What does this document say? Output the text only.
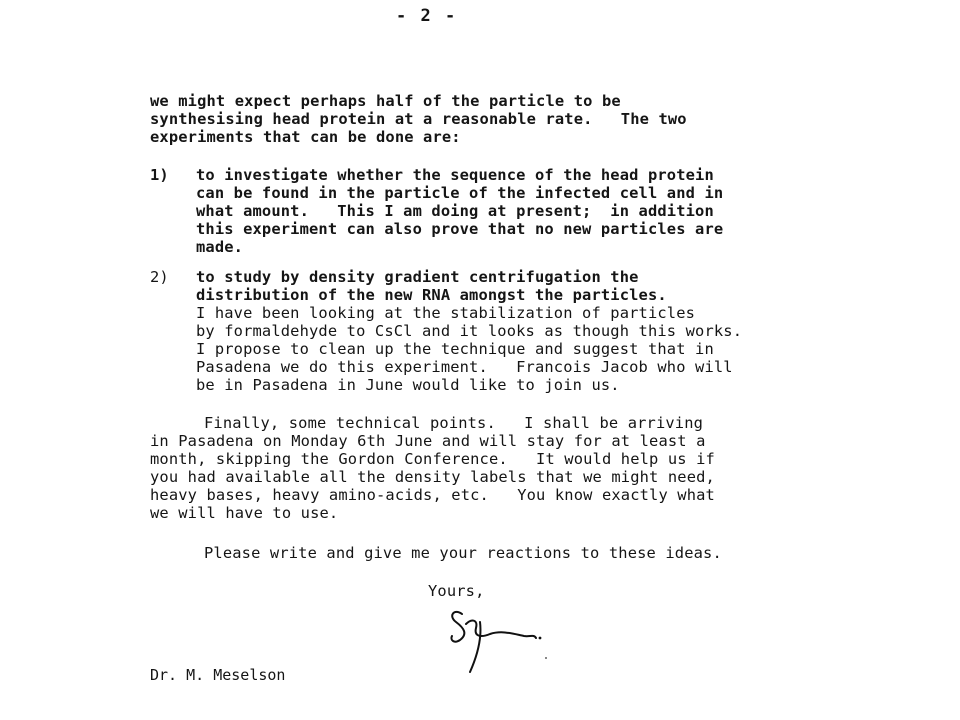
- 2 -
we might expect perhaps half of the particle to be
synthesising head protein at a reasonable rate.   The two
experiments that can be done are:
1) to investigate whether the sequence of the head protein
can be found in the particle of the infected cell and in
what amount.   This I am doing at present;  in addition
this experiment can also prove that no new particles are
made.
2) to study by density gradient centrifugation the
distribution of the new RNA amongst the particles.
I have been looking at the stabilization of particles
by formaldehyde to CsCl and it looks as though this works.
I propose to clean up the technique and suggest that in
Pasadena we do this experiment.   Francois Jacob who will
be in Pasadena in June would like to join us.
Finally, some technical points.   I shall be arriving
in Pasadena on Monday 6th June and will stay for at least a
month, skipping the Gordon Conference.   It would help us if
you had available all the density labels that we might need,
heavy bases, heavy amino-acids, etc.   You know exactly what
we will have to use.
Please write and give me your reactions to these ideas.
Yours,
Dr. M. Meselson
